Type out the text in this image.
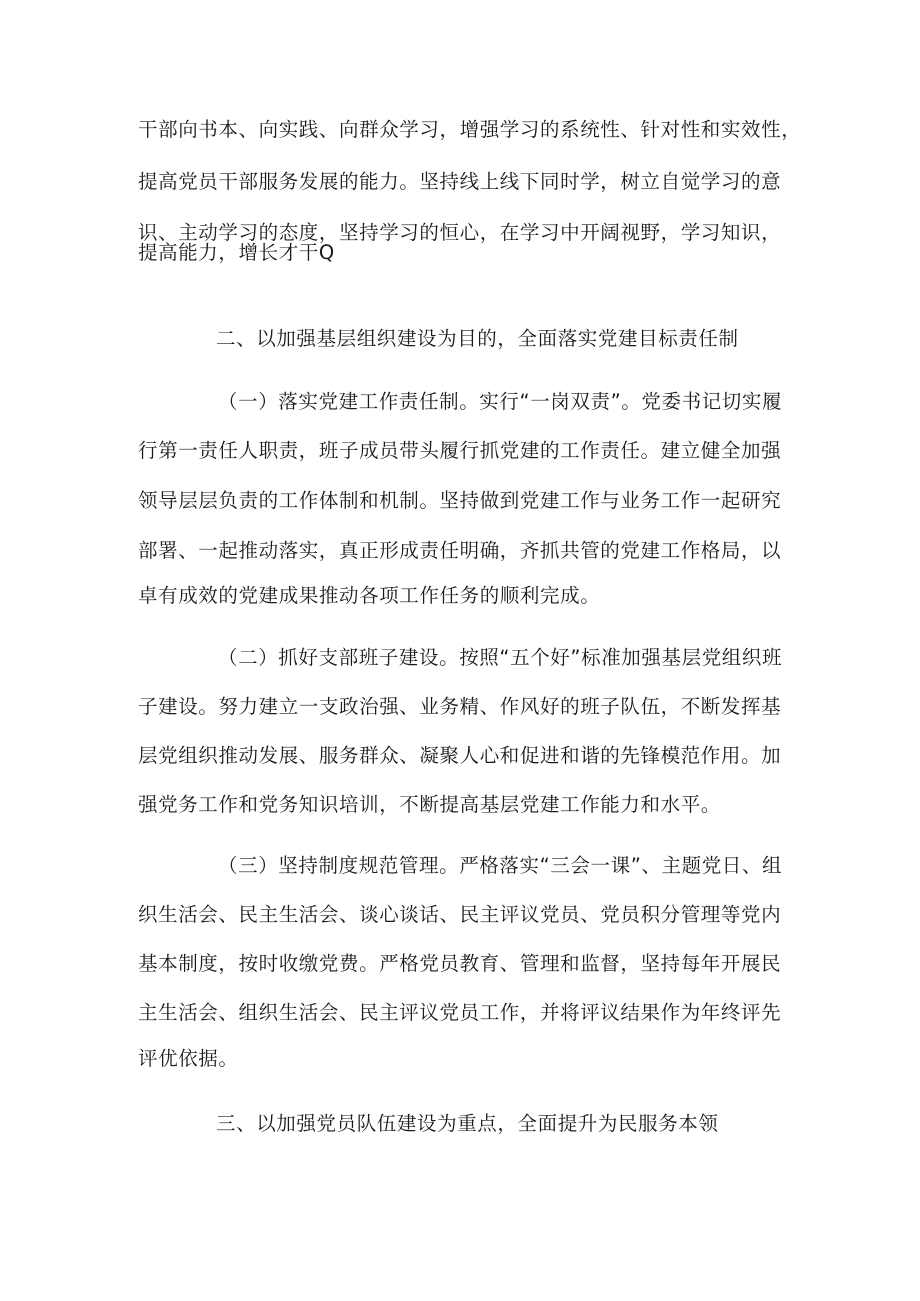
干部向书本、向实践、向群众学习，增强学习的系统性、针对性和实效性，
提高党员干部服务发展的能力。坚持线上线下同时学，树立自觉学习的意
识、主动学习的态度，坚持学习的恒心，在学习中开阔视野，学习知识，
提高能力，增长才干Q
二、以加强基层组织建设为目的，全面落实党建目标责任制
（一）落实党建工作责任制。实行“一岗双责”。党委书记切实履
行第一责任人职责，班子成员带头履行抓党建的工作责任。建立健全加强
领导层层负责的工作体制和机制。坚持做到党建工作与业务工作一起研究
部署、一起推动落实，真正形成责任明确，齐抓共管的党建工作格局，以
卓有成效的党建成果推动各项工作任务的顺利完成。
（二）抓好支部班子建设。按照“五个好”标准加强基层党组织班
子建设。努力建立一支政治强、业务精、作风好的班子队伍，不断发挥基
层党组织推动发展、服务群众、凝聚人心和促进和谐的先锋模范作用。加
强党务工作和党务知识培训，不断提高基层党建工作能力和水平。
（三）坚持制度规范管理。严格落实“三会一课”、主题党日、组
织生活会、民主生活会、谈心谈话、民主评议党员、党员积分管理等党内
基本制度，按时收缴党费。严格党员教育、管理和监督，坚持每年开展民
主生活会、组织生活会、民主评议党员工作，并将评议结果作为年终评先
评优依据。
三、以加强党员队伍建设为重点，全面提升为民服务本领
